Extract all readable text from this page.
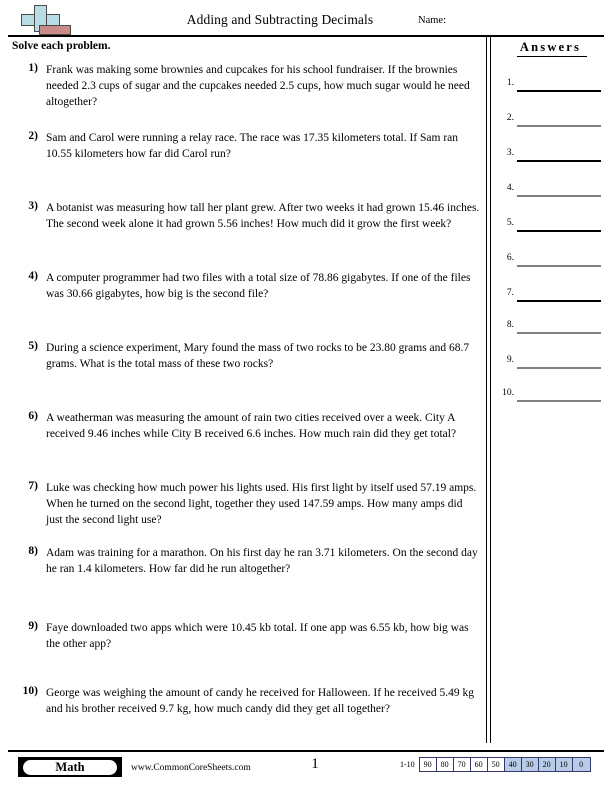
Adding and Subtracting Decimals	Name:
Solve each problem.
1) Frank was making some brownies and cupcakes for his school fundraiser. If the brownies needed 2.3 cups of sugar and the cupcakes needed 2.5 cups, how much sugar would he need altogether?
2) Sam and Carol were running a relay race. The race was 17.35 kilometers total. If Sam ran 10.55 kilometers how far did Carol run?
3) A botanist was measuring how tall her plant grew. After two weeks it had grown 15.46 inches. The second week alone it had grown 5.56 inches! How much did it grow the first week?
4) A computer programmer had two files with a total size of 78.86 gigabytes. If one of the files was 30.66 gigabytes, how big is the second file?
5) During a science experiment, Mary found the mass of two rocks to be 23.80 grams and 68.7 grams. What is the total mass of these two rocks?
6) A weatherman was measuring the amount of rain two cities received over a week. City A received 9.46 inches while City B received 6.6 inches. How much rain did they get total?
7) Luke was checking how much power his lights used. His first light by itself used 57.19 amps. When he turned on the second light, together they used 147.59 amps. How many amps did just the second light use?
8) Adam was training for a marathon. On his first day he ran 3.71 kilometers. On the second day he ran 1.4 kilometers. How far did he run altogether?
9) Faye downloaded two apps which were 10.45 kb total. If one app was 6.55 kb, how big was the other app?
10) George was weighing the amount of candy he received for Halloween. If he received 5.49 kg and his brother received 9.7 kg, how much candy did they get all together?
Answers
1.
2.
3.
4.
5.
6.
7.
8.
9.
10.
Math	www.CommonCoreSheets.com	1	1-10	90	80	70	60	50	40	30	20	10	0
